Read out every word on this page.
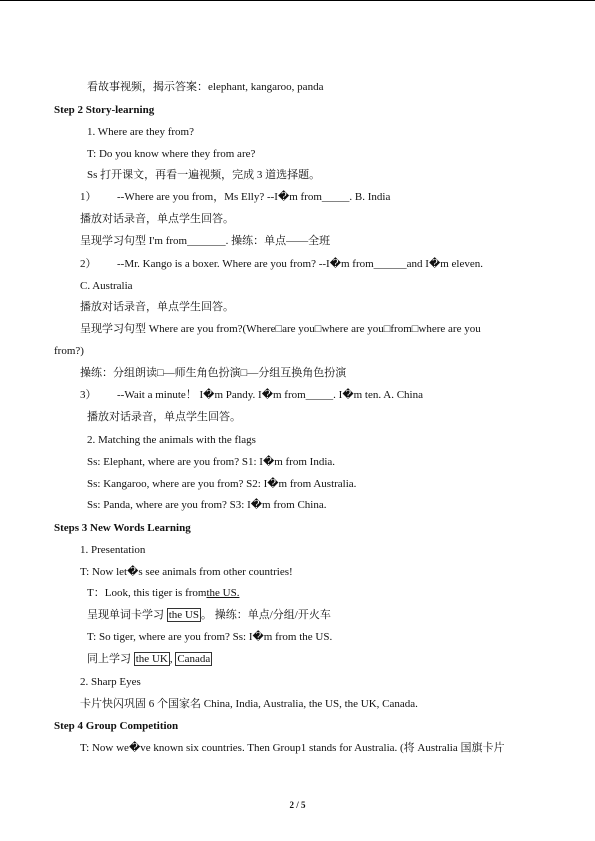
看故事视频，揭示答案：elephant, kangaroo, panda
Step 2 Story-learning
1. Where are they from?
T: Do you know where they from are?
Ss 打开课文，再看一遍视频，完成 3 道选择题。
1） --Where are you from，Ms Elly? --I�m from_____. B. India
播放对话录音，单点学生回答。
呈现学习句型 I'm from_______. 操练：单点——全班
2） --Mr. Kango is a boxer. Where are you from? --I�m from______and I�m eleven.
C. Australia
播放对话录音，单点学生回答。
呈现学习句型 Where are you from?(Where□are you□where are you□from□where are you
from?)
操练：分组朗读□—师生角色扮演□—分组互换角色扮演
3） --Wait a minute！ I�m Pandy. I�m from_____. I�m ten. A. China
播放对话录音，单点学生回答。
2. Matching the animals with the flags
Ss: Elephant, where are you from? S1: I�m from India.
Ss: Kangaroo, where are you from? S2: I�m from Australia.
Ss: Panda, where are you from? S3: I�m from China.
Steps 3 New Words Learning
1. Presentation
T: Now let�s see animals from other countries!
T：Look, this tiger is fromthe US.
呈现单词卡学习 the US 。 操练：单点/分组/开火车
T: So tiger, where are you from? Ss: I�m from the US.
同上学习 the UK , Canada
2. Sharp Eyes
卡片快闪巩固 6 个国家名 China, India, Australia, the US, the UK, Canada.
Step 4 Group Competition
T: Now we�ve known six countries. Then Group1 stands for Australia. (将 Australia 国旗卡片
2 / 5
